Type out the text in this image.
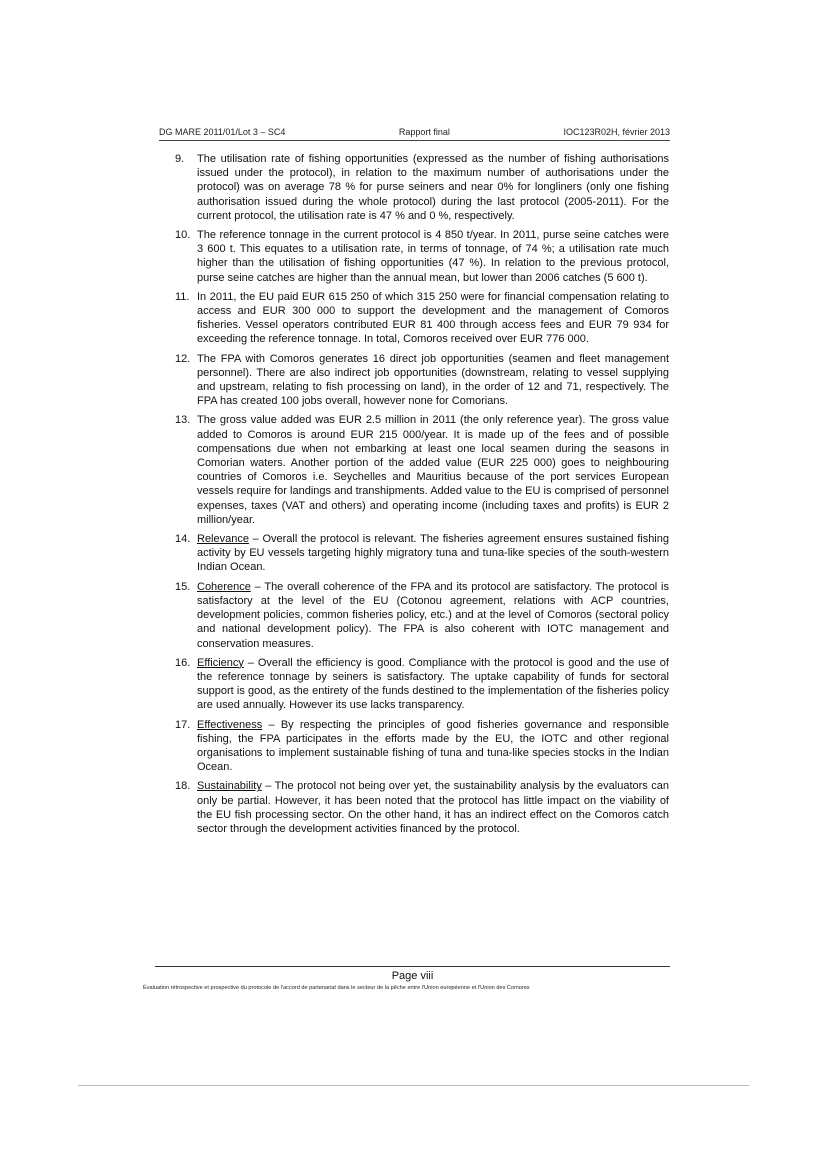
DG MARE 2011/01/Lot 3 – SC4	Rapport final	IOC123R02H, février 2013
9.	The utilisation rate of fishing opportunities (expressed as the number of fishing authorisations issued under the protocol), in relation to the maximum number of authorisations under the protocol) was on average 78 % for purse seiners and near 0% for longliners (only one fishing authorisation issued during the whole protocol) during the last protocol (2005-2011). For the current protocol, the utilisation rate is 47 % and 0 %, respectively.
10. The reference tonnage in the current protocol is 4 850 t/year. In 2011, purse seine catches were 3 600 t. This equates to a utilisation rate, in terms of tonnage, of 74 %; a utilisation rate much higher than the utilisation of fishing opportunities (47 %). In relation to the previous protocol, purse seine catches are higher than the annual mean, but lower than 2006 catches (5 600 t).
11. In 2011, the EU paid EUR 615 250 of which 315 250 were for financial compensation relating to access and EUR 300 000 to support the development and the management of Comoros fisheries. Vessel operators contributed EUR 81 400 through access fees and EUR 79 934 for exceeding the reference tonnage. In total, Comoros received over EUR 776 000.
12. The FPA with Comoros generates 16 direct job opportunities (seamen and fleet management personnel). There are also indirect job opportunities (downstream, relating to vessel supplying and upstream, relating to fish processing on land), in the order of 12 and 71, respectively. The FPA has created 100 jobs overall, however none for Comorians.
13. The gross value added was EUR 2.5 million in 2011 (the only reference year). The gross value added to Comoros is around EUR 215 000/year. It is made up of the fees and of possible compensations due when not embarking at least one local seamen during the seasons in Comorian waters. Another portion of the added value (EUR 225 000) goes to neighbouring countries of Comoros i.e. Seychelles and Mauritius because of the port services European vessels require for landings and transhipments. Added value to the EU is comprised of personnel expenses, taxes (VAT and others) and operating income (including taxes and profits) is EUR 2 million/year.
14. Relevance – Overall the protocol is relevant. The fisheries agreement ensures sustained fishing activity by EU vessels targeting highly migratory tuna and tuna-like species of the south-western Indian Ocean.
15. Coherence – The overall coherence of the FPA and its protocol are satisfactory. The protocol is satisfactory at the level of the EU (Cotonou agreement, relations with ACP countries, development policies, common fisheries policy, etc.) and at the level of Comoros (sectoral policy and national development policy). The FPA is also coherent with IOTC management and conservation measures.
16. Efficiency – Overall the efficiency is good. Compliance with the protocol is good and the use of the reference tonnage by seiners is satisfactory. The uptake capability of funds for sectoral support is good, as the entirety of the funds destined to the implementation of the fisheries policy are used annually. However its use lacks transparency.
17. Effectiveness – By respecting the principles of good fisheries governance and responsible fishing, the FPA participates in the efforts made by the EU, the IOTC and other regional organisations to implement sustainable fishing of tuna and tuna-like species stocks in the Indian Ocean.
18. Sustainability – The protocol not being over yet, the sustainability analysis by the evaluators can only be partial. However, it has been noted that the protocol has little impact on the viability of the EU fish processing sector. On the other hand, it has an indirect effect on the Comoros catch sector through the development activities financed by the protocol.
Page viii
Évaluation rétrospective et prospective du protocole de l'accord de partenariat dans le secteur de la pêche entre l'Union européenne et l'Union des Comores
